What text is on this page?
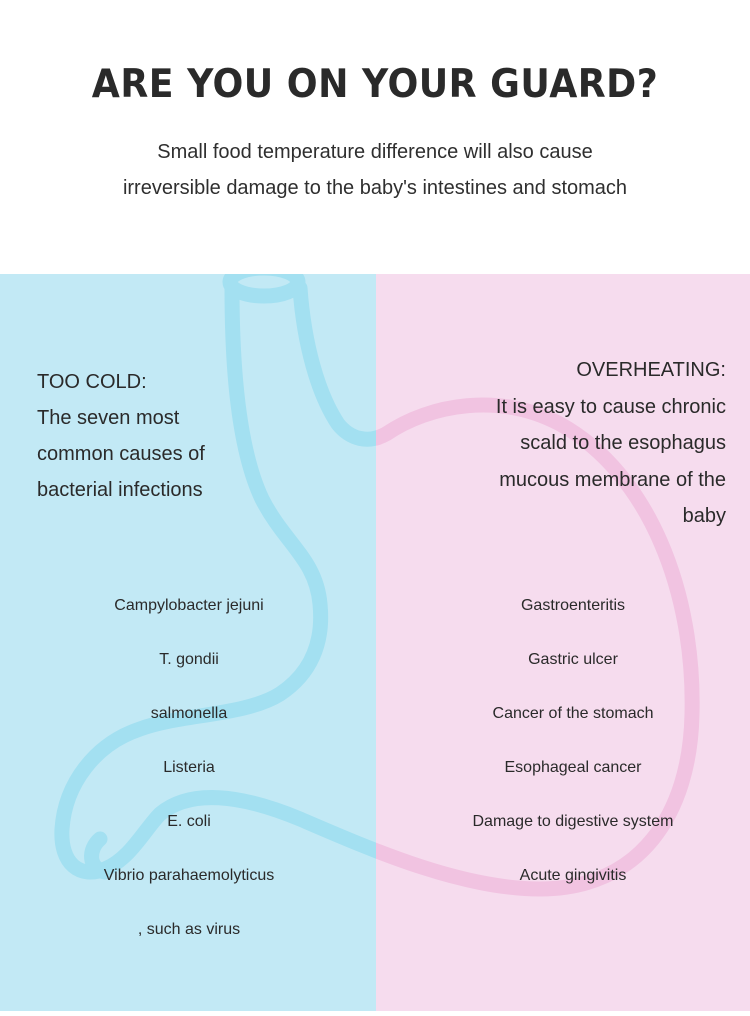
ARE YOU ON YOUR GUARD?

Small food temperature difference will also cause irreversible damage to the baby's intestines and stomach

TOO COLD:
The seven most
common causes of
bacterial infections
OVERHEATING:
It is easy to cause chronic
scald to the esophagus
mucous membrane of the
baby
Campylobacter jejuni
T. gondii
salmonella
Listeria
E. coli
Vibrio parahaemolyticus
, such as virus
Gastroenteritis
Gastric ulcer
Cancer of the stomach
Esophageal cancer
Damage to digestive system
Acute gingivitis
